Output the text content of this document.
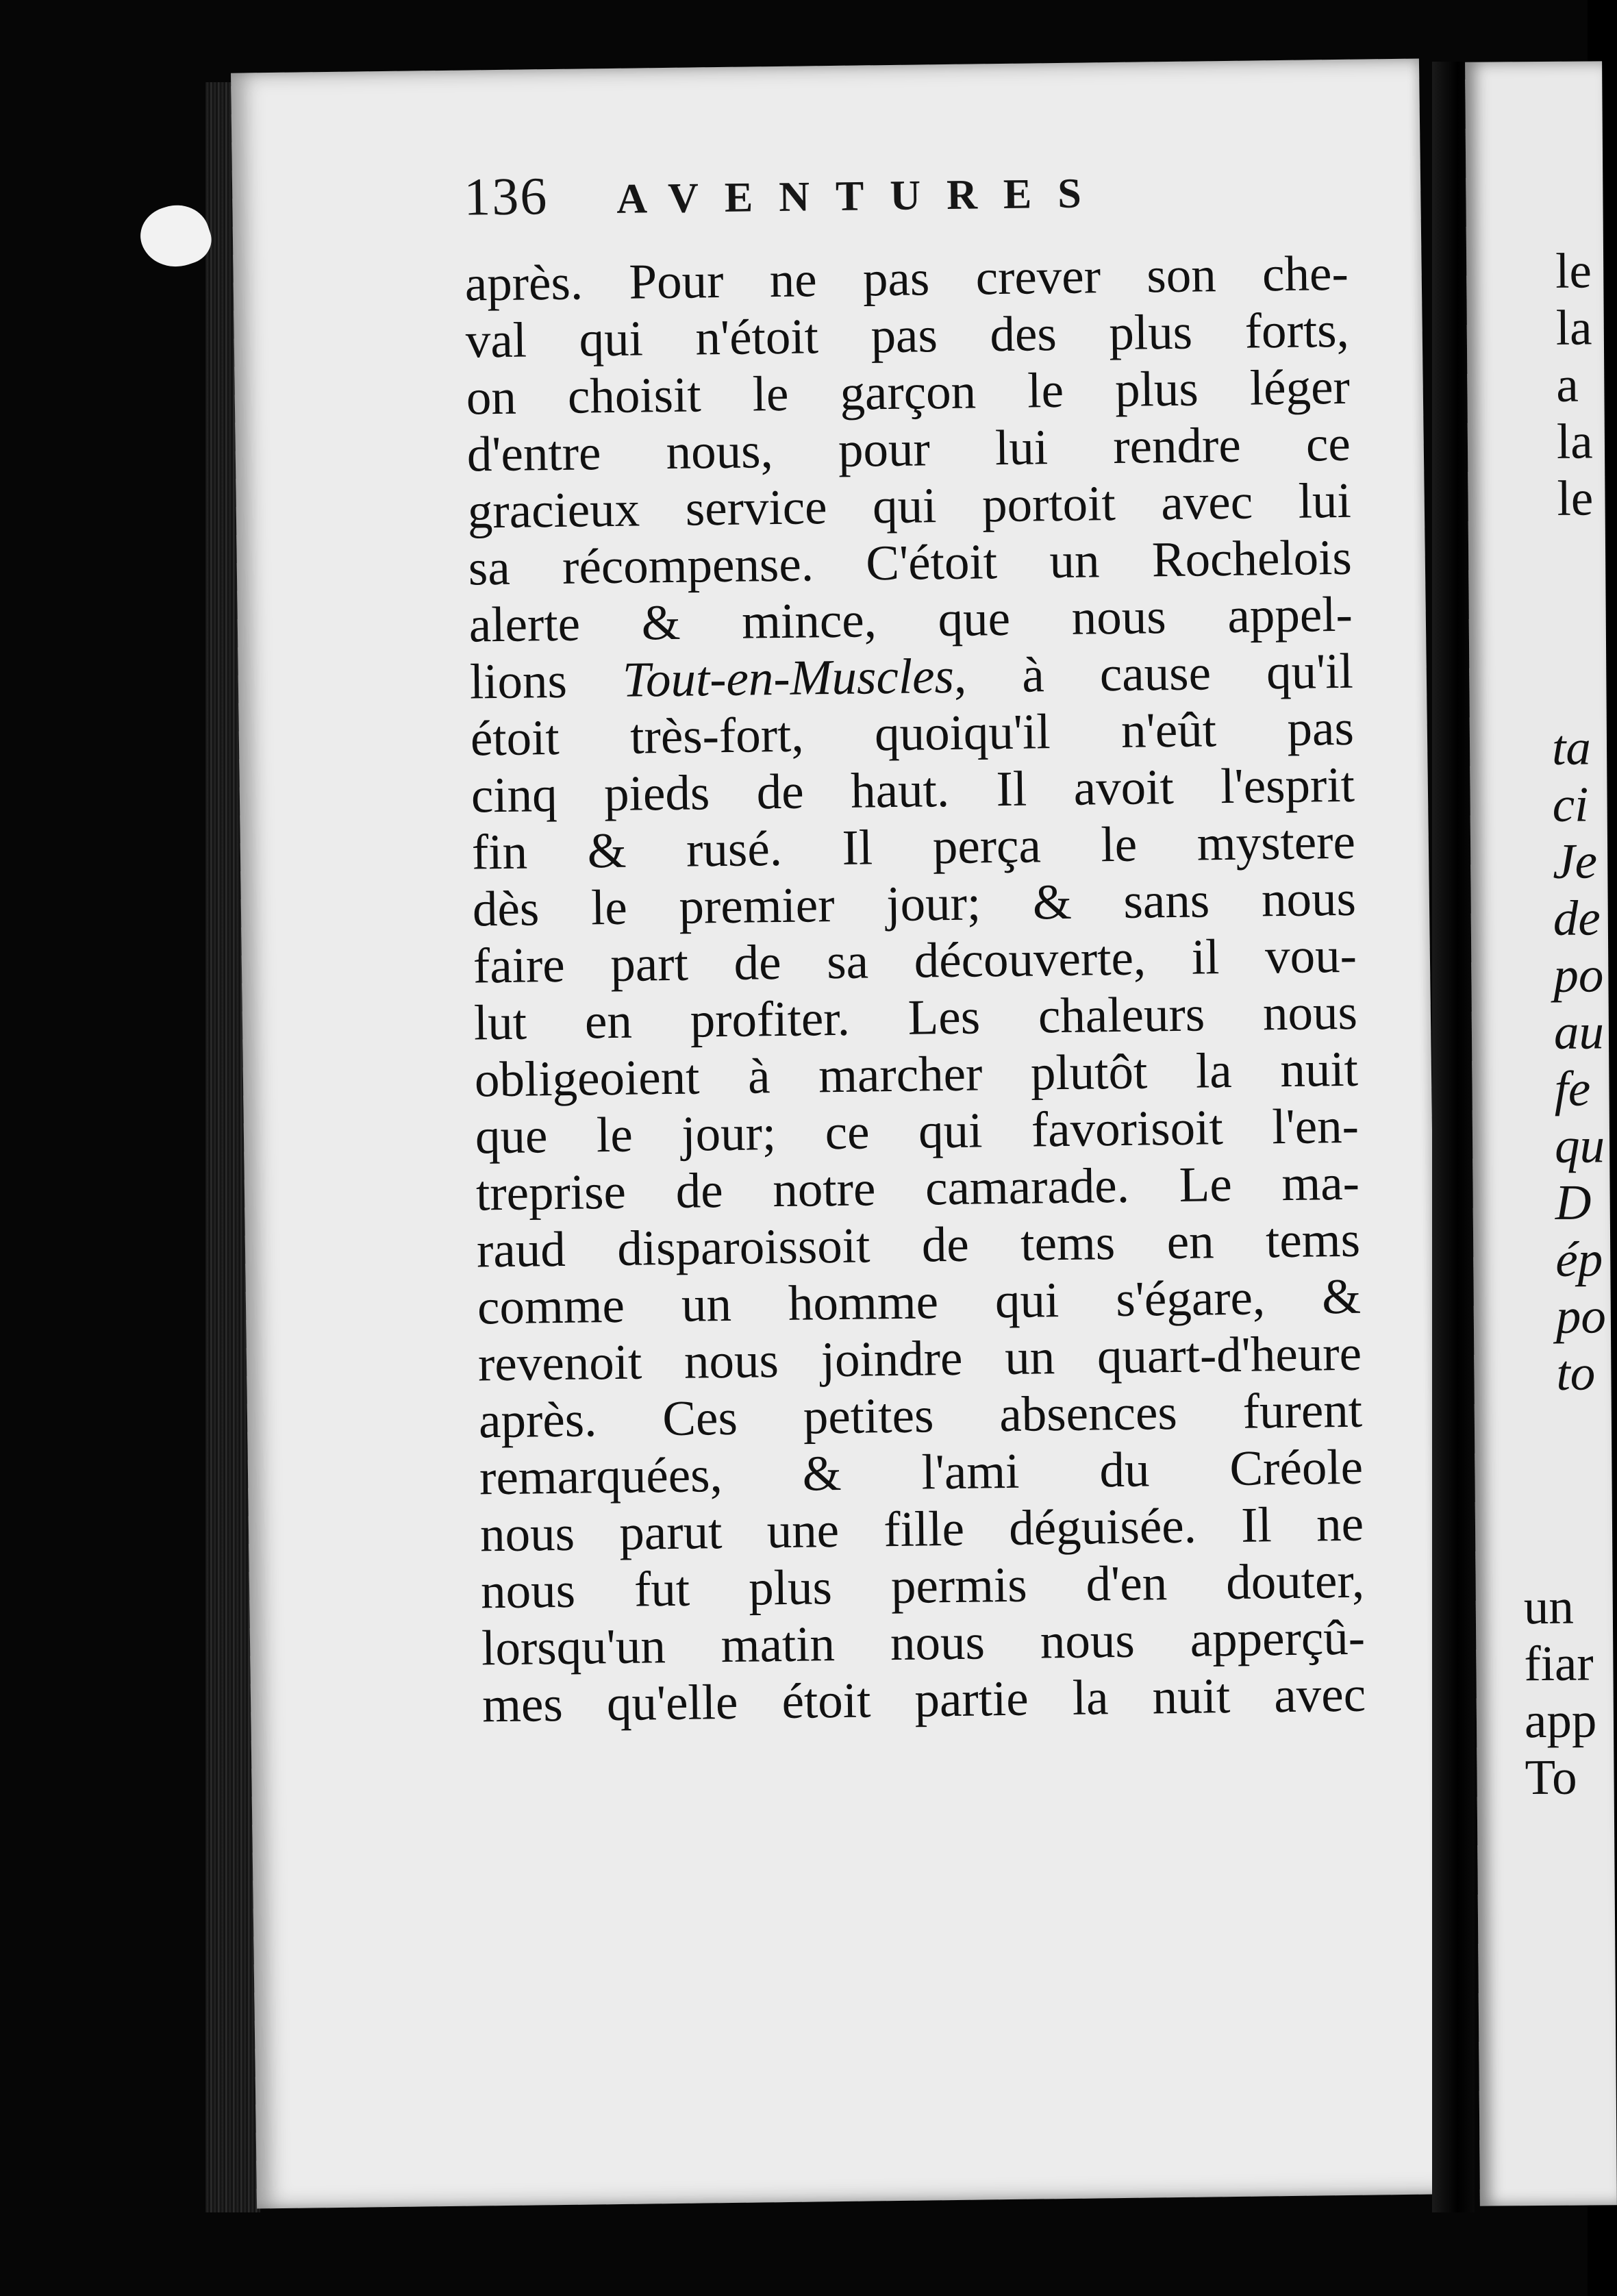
136 AVENTURES
après. Pour ne pas crever son che-
val qui n'étoit pas des plus forts,
on choisit le garçon le plus léger
d'entre nous, pour lui rendre ce
gracieux service qui portoit avec lui
sa récompense. C'étoit un Rochelois
alerte & mince, que nous appel-
lions Tout-en-Muscles, à cause qu'il
étoit très-fort, quoiqu'il n'eût pas
cinq pieds de haut. Il avoit l'esprit
fin & rusé. Il perça le mystere
dès le premier jour; & sans nous
faire part de sa découverte, il vou-
lut en profiter. Les chaleurs nous
obligeoient à marcher plutôt la nuit
que le jour; ce qui favorisoit l'en-
treprise de notre camarade. Le ma-
raud disparoissoit de tems en tems
comme un homme qui s'égare, &
revenoit nous joindre un quart-d'heure
après. Ces petites absences furent
remarquées, & l'ami du Créole
nous parut une fille déguisée. Il ne
nous fut plus permis d'en douter,
lorsqu'un matin nous nous apperçû-
mes qu'elle étoit partie la nuit avec
le
la
a
la
le
ta
ci
Je
de
po
au
fe
qu
D
ép
po
to
un
fiar
app
To
